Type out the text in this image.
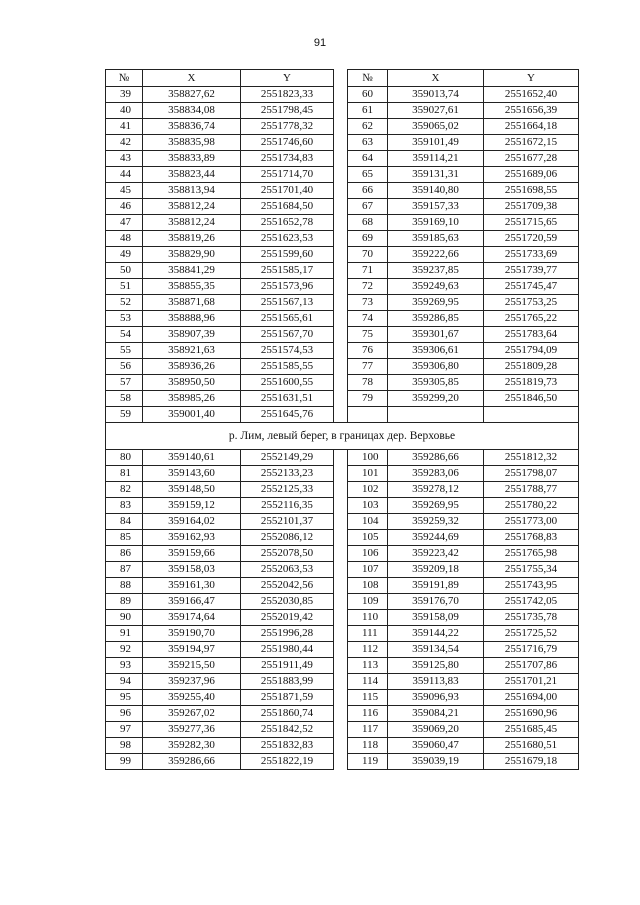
91
№	X	Y		№	X	Y
39	358827,62	2551823,33		60	359013,74	2551652,40
40	358834,08	2551798,45		61	359027,61	2551656,39
41	358836,74	2551778,32		62	359065,02	2551664,18
42	358835,98	2551746,60		63	359101,49	2551672,15
43	358833,89	2551734,83		64	359114,21	2551677,28
44	358823,44	2551714,70		65	359131,31	2551689,06
45	358813,94	2551701,40		66	359140,80	2551698,55
46	358812,24	2551684,50		67	359157,33	2551709,38
47	358812,24	2551652,78		68	359169,10	2551715,65
48	358819,26	2551623,53		69	359185,63	2551720,59
49	358829,90	2551599,60		70	359222,66	2551733,69
50	358841,29	2551585,17		71	359237,85	2551739,77
51	358855,35	2551573,96		72	359249,63	2551745,47
52	358871,68	2551567,13		73	359269,95	2551753,25
53	358888,96	2551565,61		74	359286,85	2551765,22
54	358907,39	2551567,70		75	359301,67	2551783,64
55	358921,63	2551574,53		76	359306,61	2551794,09
56	358936,26	2551585,55		77	359306,80	2551809,28
57	358950,50	2551600,55		78	359305,85	2551819,73
58	358985,26	2551631,51		79	359299,20	2551846,50
59	359001,40	2551645,76				
р. Лим, левый берег, в границах дер. Верховье						
80	359140,61	2552149,29		100	359286,66	2551812,32
81	359143,60	2552133,23		101	359283,06	2551798,07
82	359148,50	2552125,33		102	359278,12	2551788,77
83	359159,12	2552116,35		103	359269,95	2551780,22
84	359164,02	2552101,37		104	359259,32	2551773,00
85	359162,93	2552086,12		105	359244,69	2551768,83
86	359159,66	2552078,50		106	359223,42	2551765,98
87	359158,03	2552063,53		107	359209,18	2551755,34
88	359161,30	2552042,56		108	359191,89	2551743,95
89	359166,47	2552030,85		109	359176,70	2551742,05
90	359174,64	2552019,42		110	359158,09	2551735,78
91	359190,70	2551996,28		111	359144,22	2551725,52
92	359194,97	2551980,44		112	359134,54	2551716,79
93	359215,50	2551911,49		113	359125,80	2551707,86
94	359237,96	2551883,99		114	359113,83	2551701,21
95	359255,40	2551871,59		115	359096,93	2551694,00
96	359267,02	2551860,74		116	359084,21	2551690,96
97	359277,36	2551842,52		117	359069,20	2551685,45
98	359282,30	2551832,83		118	359060,47	2551680,51
99	359286,66	2551822,19		119	359039,19	2551679,18
